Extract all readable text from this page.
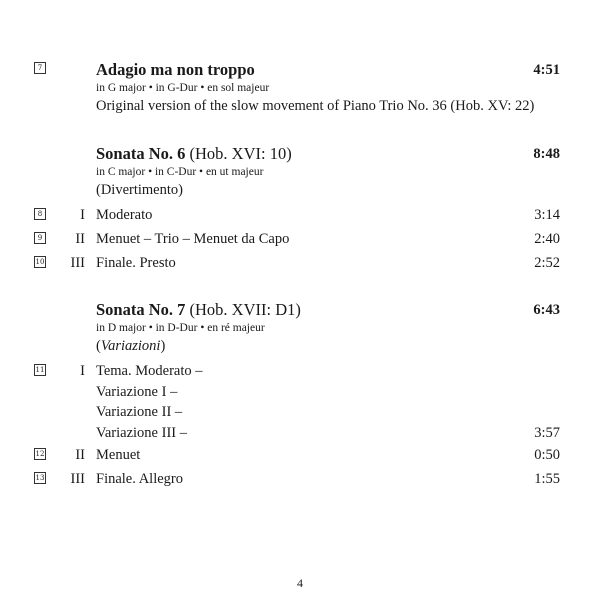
7	Adagio ma non troppo	4:51
in G major • in G-Dur • en sol majeur
Original version of the slow movement of Piano Trio No. 36 (Hob. XV: 22)
Sonata No. 6 (Hob. XVI: 10)	8:48
in C major • in C-Dur • en ut majeur
(Divertimento)
8	I Moderato	3:14
9 II Menuet – Trio – Menuet da Capo	2:40
10 III Finale. Presto	2:52
Sonata No. 7 (Hob. XVII: D1)	6:43
in D major • in D-Dur • en ré majeur
(Variazioni)
11 I Tema. Moderato –
Variazione I –
Variazione II –
Variazione III –	3:57
12 II Menuet	0:50
13 III Finale. Allegro	1:55
4
